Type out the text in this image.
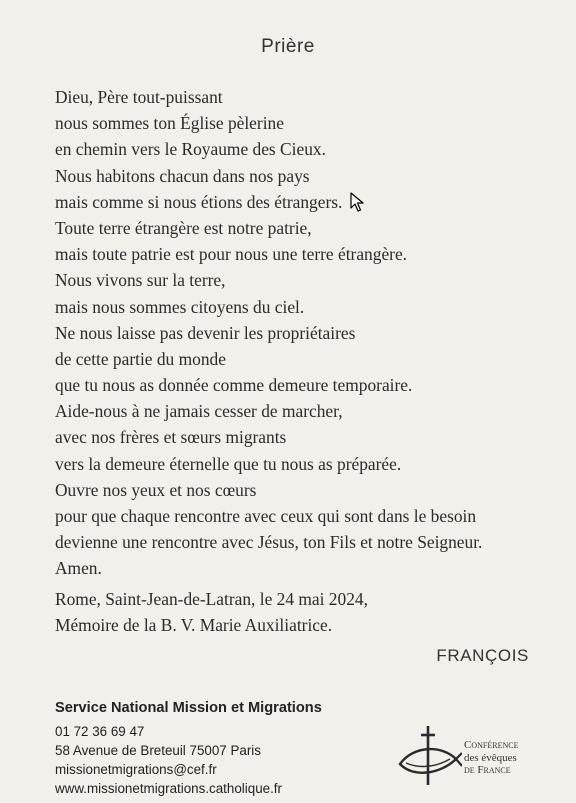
Prière
Dieu, Père tout-puissant
nous sommes ton Église pèlerine
en chemin vers le Royaume des Cieux.
Nous habitons chacun dans nos pays
mais comme si nous étions des étrangers.
Toute terre étrangère est notre patrie,
mais toute patrie est pour nous une terre étrangère.
Nous vivons sur la terre,
mais nous sommes citoyens du ciel.
Ne nous laisse pas devenir les propriétaires
de cette partie du monde
que tu nous as donnée comme demeure temporaire.
Aide-nous à ne jamais cesser de marcher,
avec nos frères et sœurs migrants
vers la demeure éternelle que tu nous as préparée.
Ouvre nos yeux et nos cœurs
pour que chaque rencontre avec ceux qui sont dans le besoin
devienne une rencontre avec Jésus, ton Fils et notre Seigneur.
Amen.
Rome, Saint-Jean-de-Latran, le 24 mai 2024,
Mémoire de la B. V. Marie Auxiliatrice.
FRANÇOIS
Service National Mission et Migrations
01 72 36 69 47
58 Avenue de Breteuil 75007 Paris
missionetmigrations@cef.fr
www.missionetmigrations.catholique.fr
Conférence
des évêques
de France
